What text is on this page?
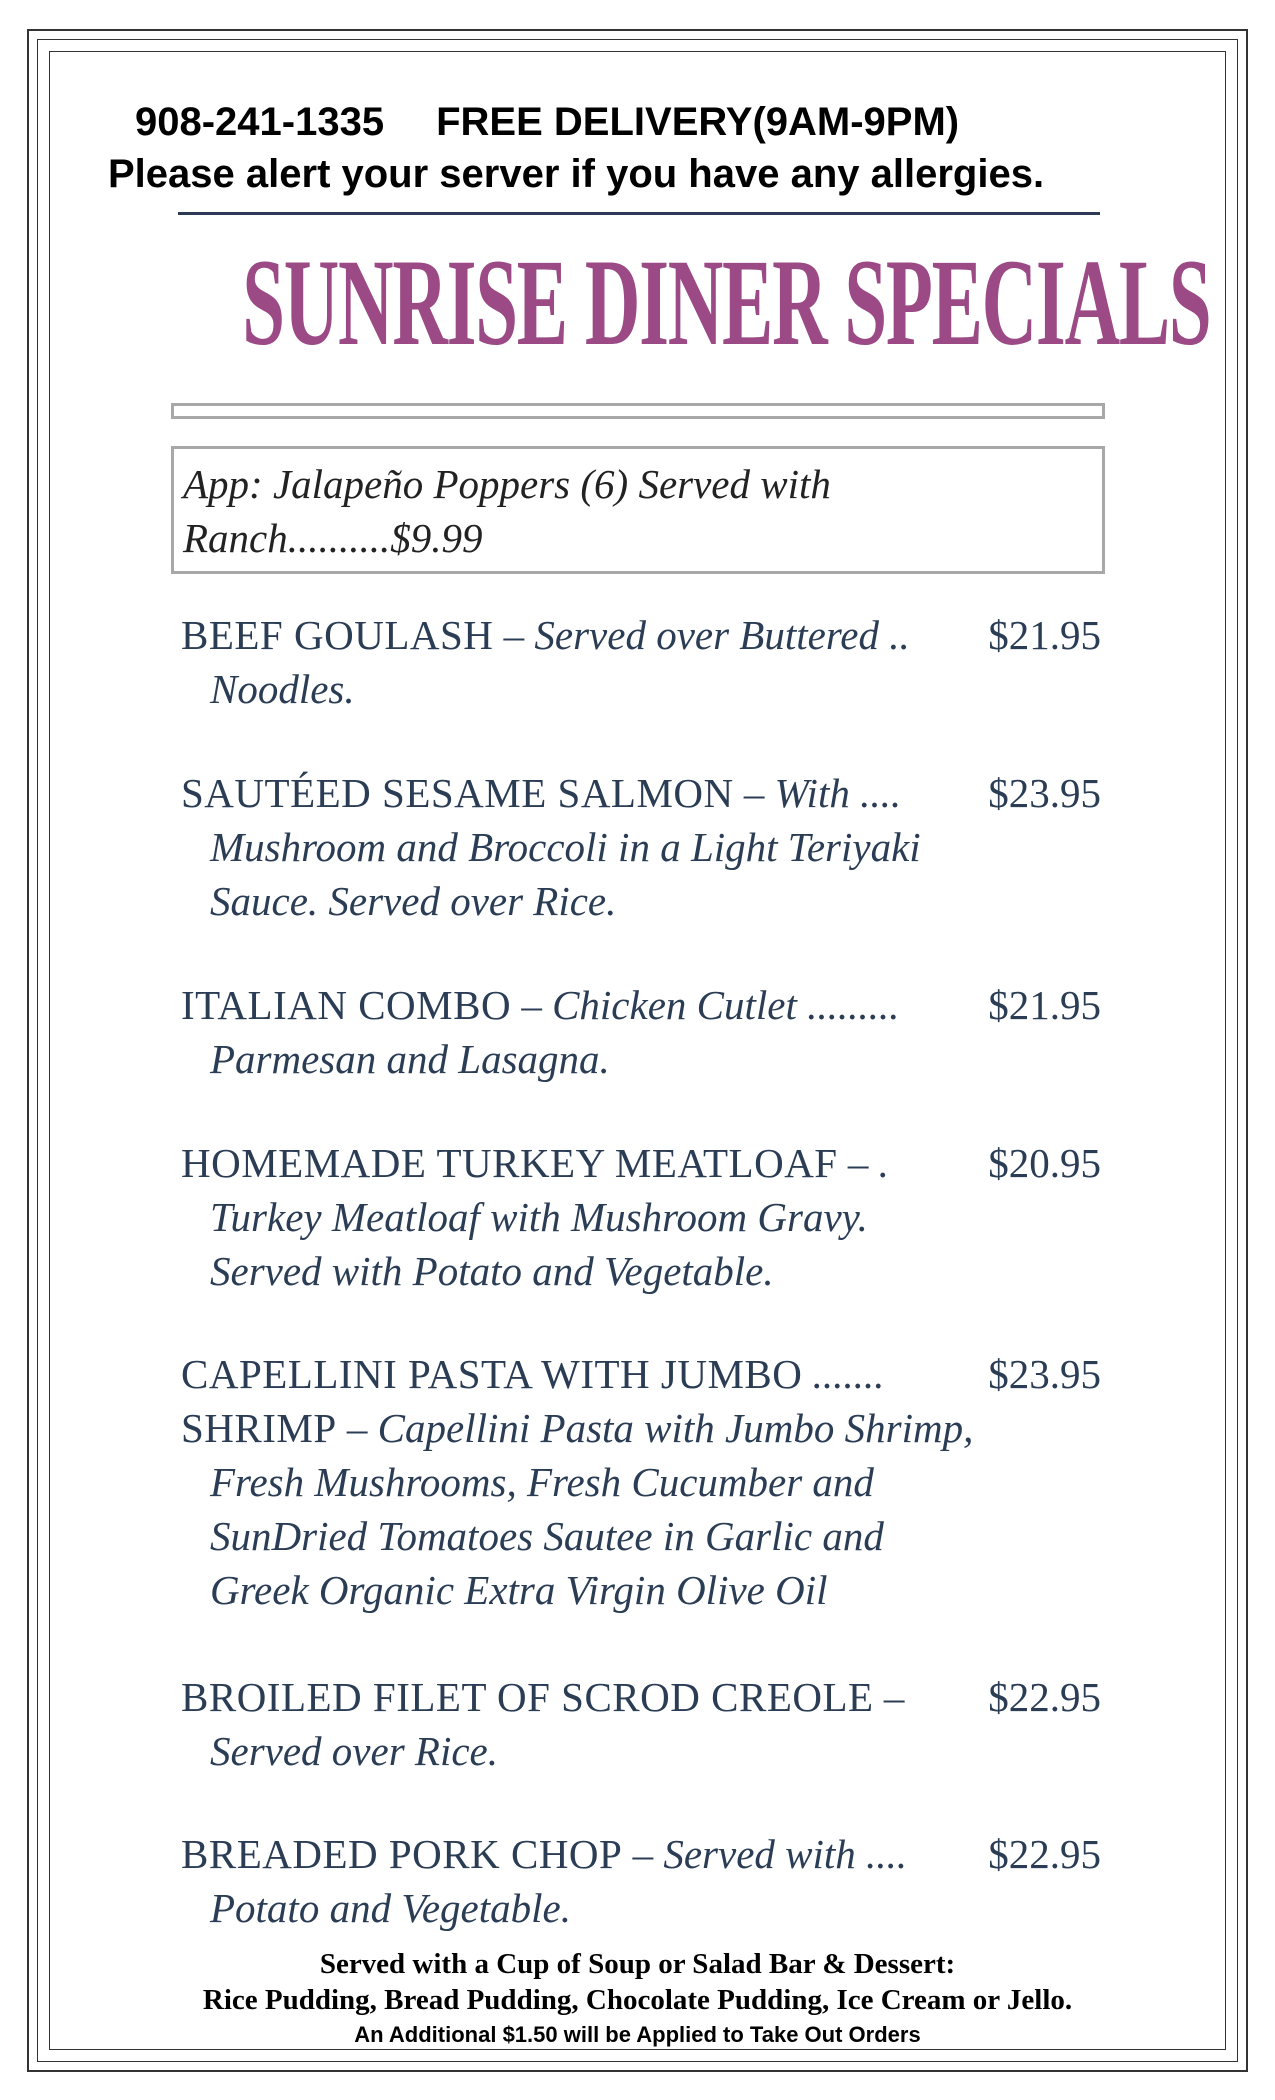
908-241-1335 FREE DELIVERY(9AM-9PM)
Please alert your server if you have any allergies.
SUNRISE DINER SPECIALS
App: Jalapeño Poppers (6) Served with
Ranch..........$9.99
BEEF GOULASH – Served over Buttered .. $21.95
Noodles.
SAUTÉED SESAME SALMON – With .... $23.95
Mushroom and Broccoli in a Light Teriyaki
Sauce. Served over Rice.
ITALIAN COMBO – Chicken Cutlet ......... $21.95
Parmesan and Lasagna.
HOMEMADE TURKEY MEATLOAF – . $20.95
Turkey Meatloaf with Mushroom Gravy.
Served with Potato and Vegetable.
CAPELLINI PASTA WITH JUMBO .......	$23.95
SHRIMP – Capellini Pasta with Jumbo Shrimp,
Fresh Mushrooms, Fresh Cucumber and
SunDried Tomatoes Sautee in Garlic and
Greek Organic Extra Virgin Olive Oil
BROILED FILET OF SCROD CREOLE – $22.95
Served over Rice.
BREADED PORK CHOP – Served with .... $22.95
Potato and Vegetable.
Served with a Cup of Soup or Salad Bar & Dessert:
Rice Pudding, Bread Pudding, Chocolate Pudding, Ice Cream or Jello.
An Additional $1.50 will be Applied to Take Out Orders
